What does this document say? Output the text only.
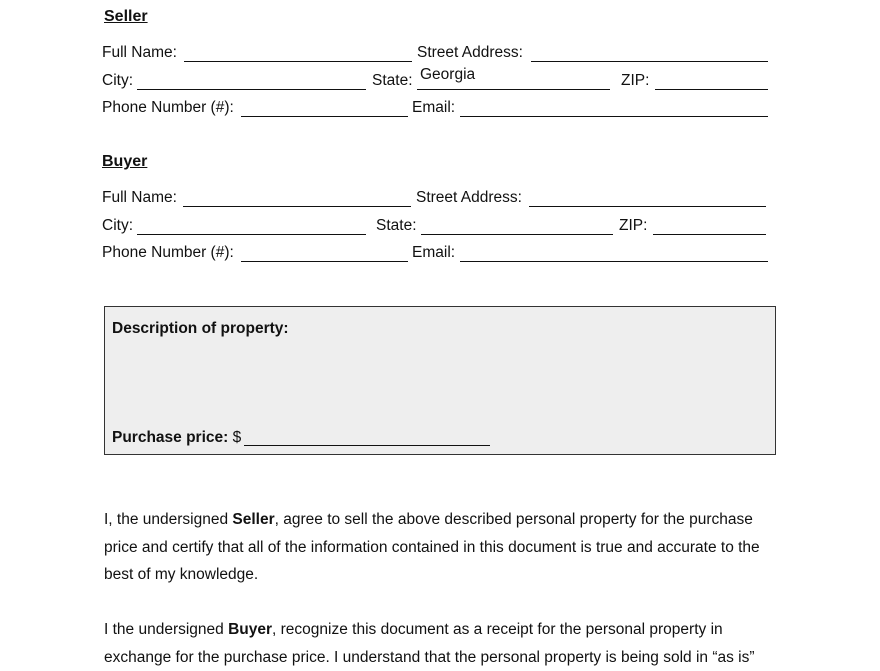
Seller
Full Name:	Street Address:
City:	State: Georgia	ZIP:
Phone Number (#):	Email:
Buyer
Full Name:	Street Address:
City:	State:	ZIP:
Phone Number (#):	Email:
Description of property:
Purchase price: $
I, the undersigned Seller, agree to sell the above described personal property for the purchase price and certify that all of the information contained in this document is true and accurate to the best of my knowledge.
I the undersigned Buyer, recognize this document as a receipt for the personal property in exchange for the purchase price. I understand that the personal property is being sold in “as is”
